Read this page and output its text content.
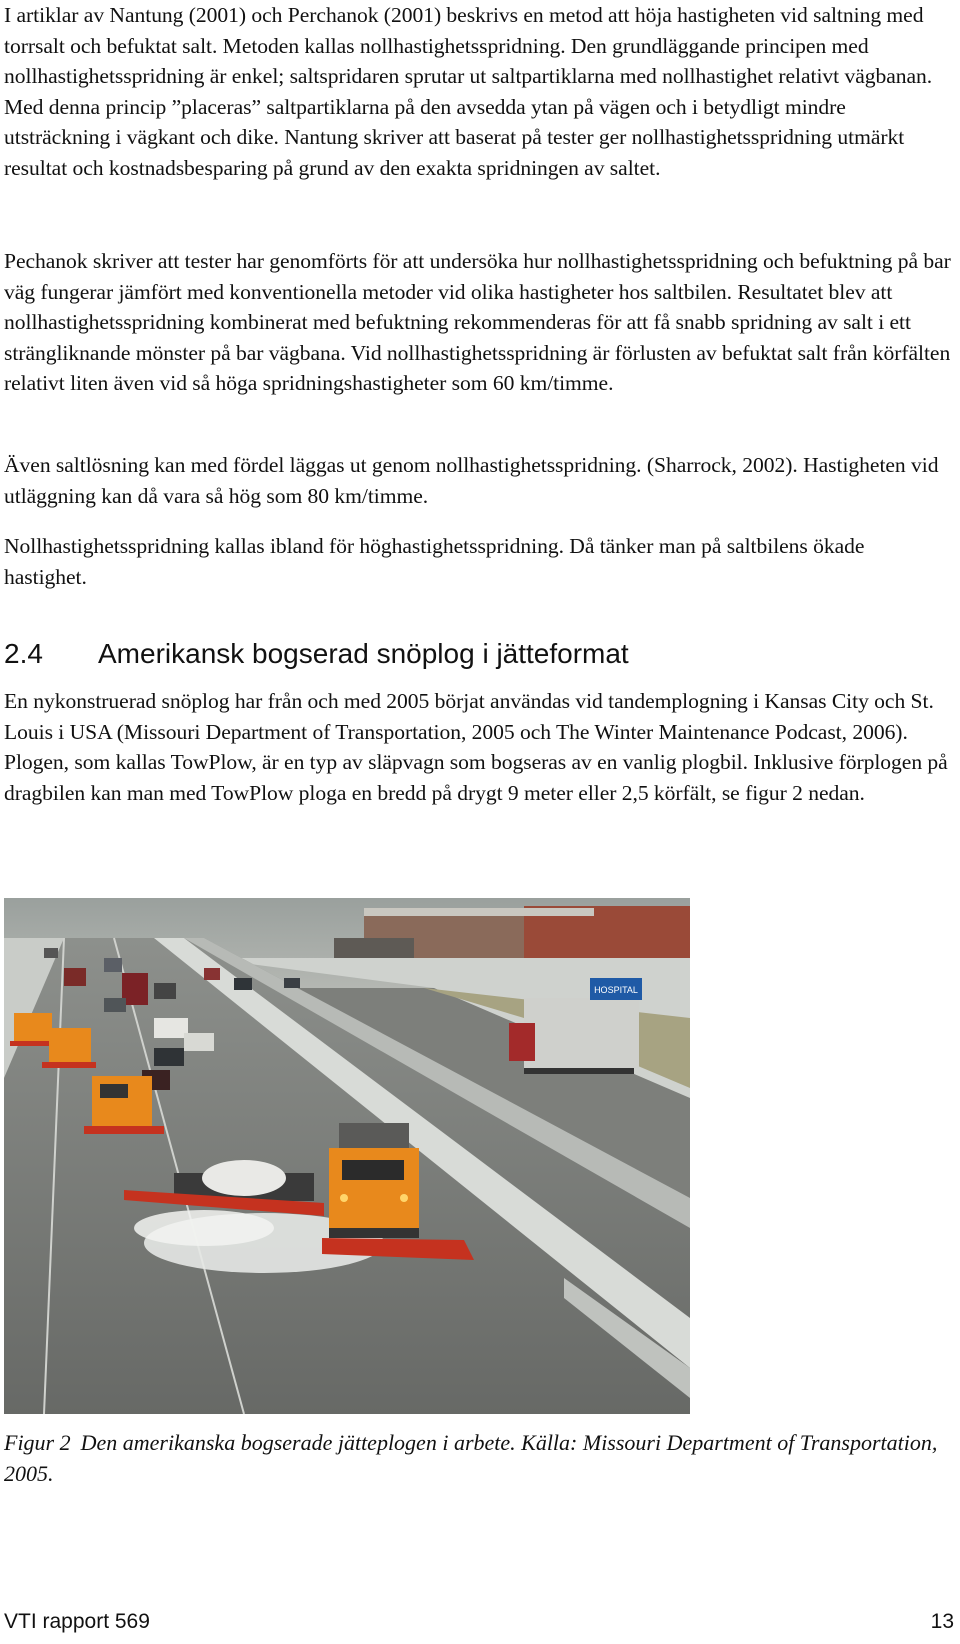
I artiklar av Nantung (2001) och Perchanok (2001) beskrivs en metod att höja hastigheten vid saltning med torrsalt och befuktat salt. Metoden kallas nollhastighetsspridning. Den grundläggande principen med nollhastighetsspridning är enkel; saltspridaren sprutar ut saltpartiklarna med nollhastighet relativt vägbanan. Med denna princip ”placeras” saltpartiklarna på den avsedda ytan på vägen och i betydligt mindre utsträckning i vägkant och dike. Nantung skriver att baserat på tester ger nollhastighetsspridning utmärkt resultat och kostnadsbesparing på grund av den exakta spridningen av saltet.

Pechanok skriver att tester har genomförts för att undersöka hur nollhastighetsspridning och befuktning på bar väg fungerar jämfört med konventionella metoder vid olika hastigheter hos saltbilen. Resultatet blev att nollhastighetsspridning kombinerat med befuktning rekommenderas för att få snabb spridning av salt i ett strängliknande mönster på bar vägbana. Vid nollhastighetsspridning är förlusten av befuktat salt från körfälten relativt liten även vid så höga spridningshastigheter som 60 km/timme.

Även saltlösning kan med fördel läggas ut genom nollhastighetsspridning. (Sharrock, 2002). Hastigheten vid utläggning kan då vara så hög som 80 km/timme.

Nollhastighetsspridning kallas ibland för höghastighetsspridning. Då tänker man på saltbilens ökade hastighet.

2.4 Amerikansk bogserad snöplog i jätteformat

En nykonstruerad snöplog har från och med 2005 börjat användas vid tandemplogning i Kansas City och St. Louis i USA (Missouri Department of Transportation, 2005 och The Winter Maintenance Podcast, 2006). Plogen, som kallas TowPlow, är en typ av släpvagn som bogseras av en vanlig plogbil. Inklusive förplogen på dragbilen kan man med TowPlow ploga en bredd på drygt 9 meter eller 2,5 körfält, se figur 2 nedan.

HOSPITAL

Figur 2 Den amerikanska bogserade jätteplogen i arbete. Källa: Missouri Department of Transportation, 2005.

VTI rapport 569	13
